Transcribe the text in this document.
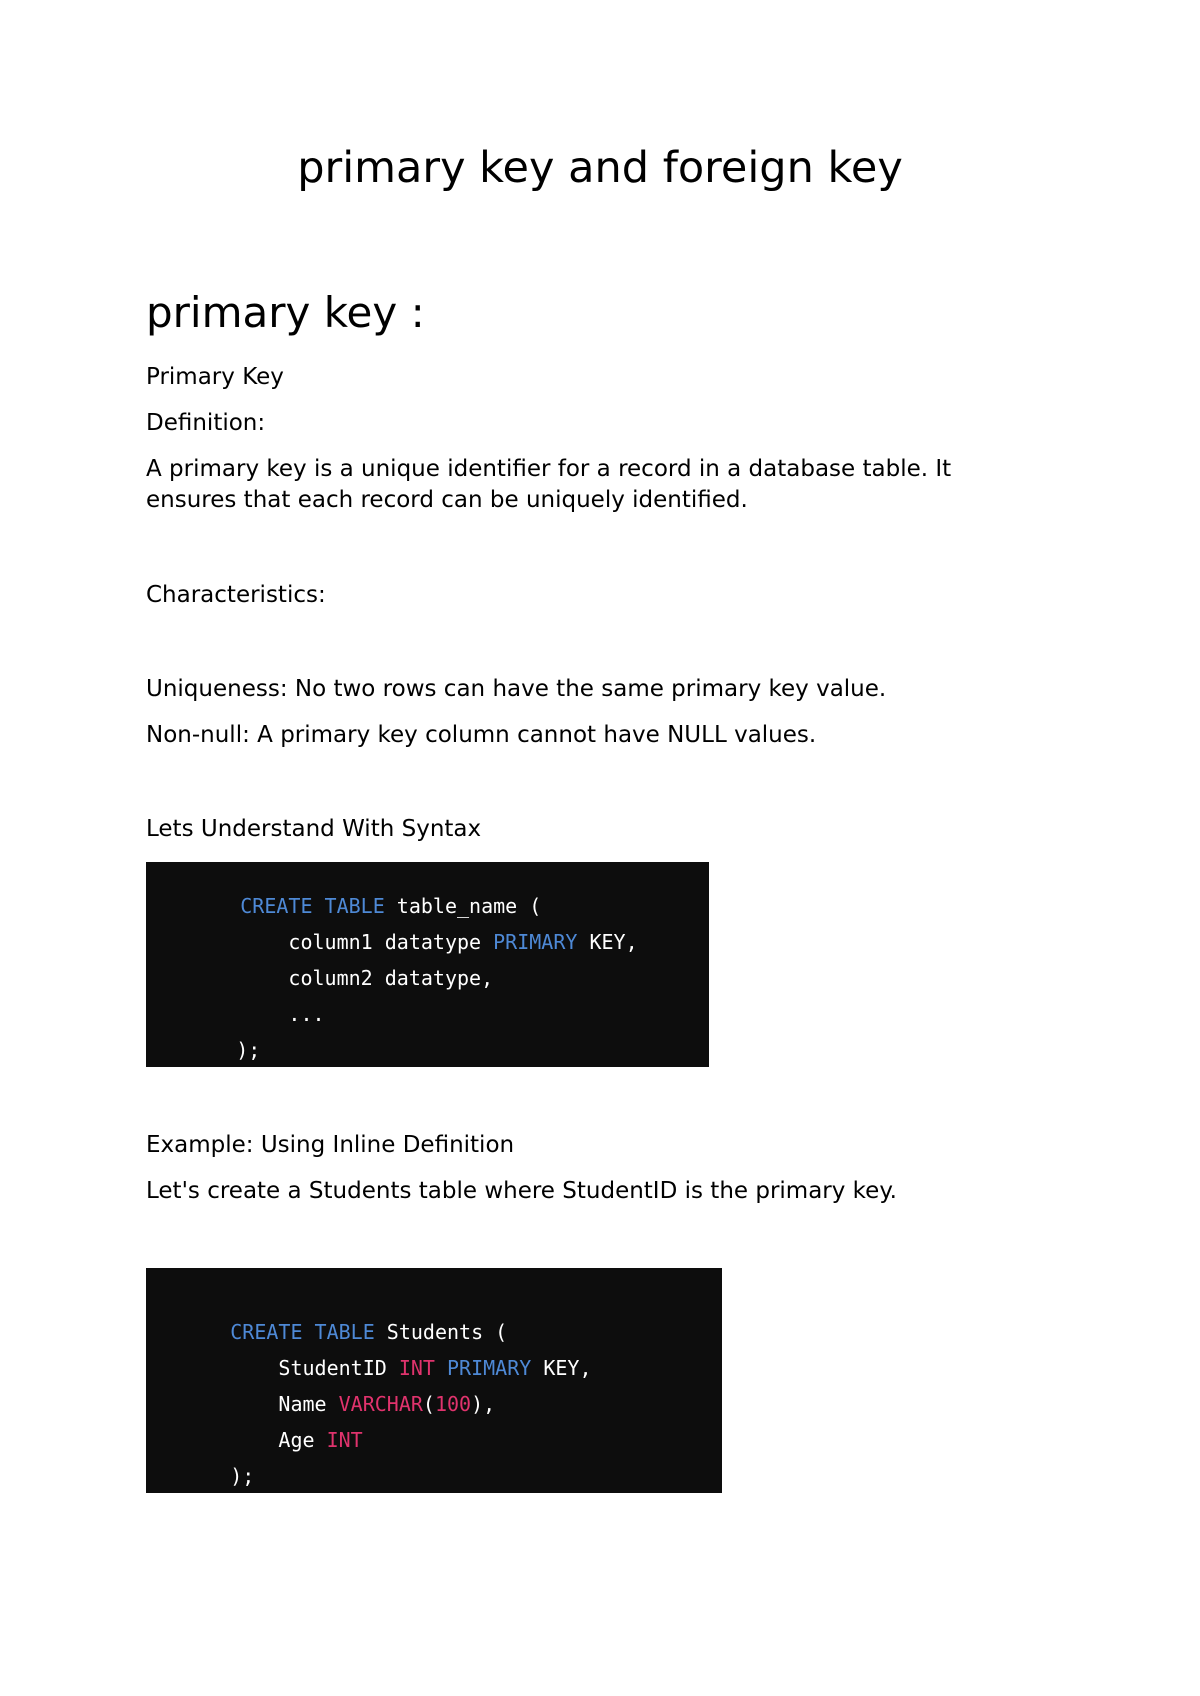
primary key and foreign key
primary key :

Primary Key

Definition:

A primary key is a unique identifier for a record in a database table. It ensures that each record can be uniquely identified.

Characteristics:

Uniqueness: No two rows can have the same primary key value.

Non-null: A primary key column cannot have NULL values.

Lets Understand With Syntax

CREATE TABLE table_name (

column1 datatype PRIMARY KEY,

column2 datatype,

...

);

Example: Using Inline Definition

Let's create a Students table where StudentID is the primary key.

CREATE TABLE Students (

StudentID INT PRIMARY KEY,

Name VARCHAR(100),

Age INT

);
